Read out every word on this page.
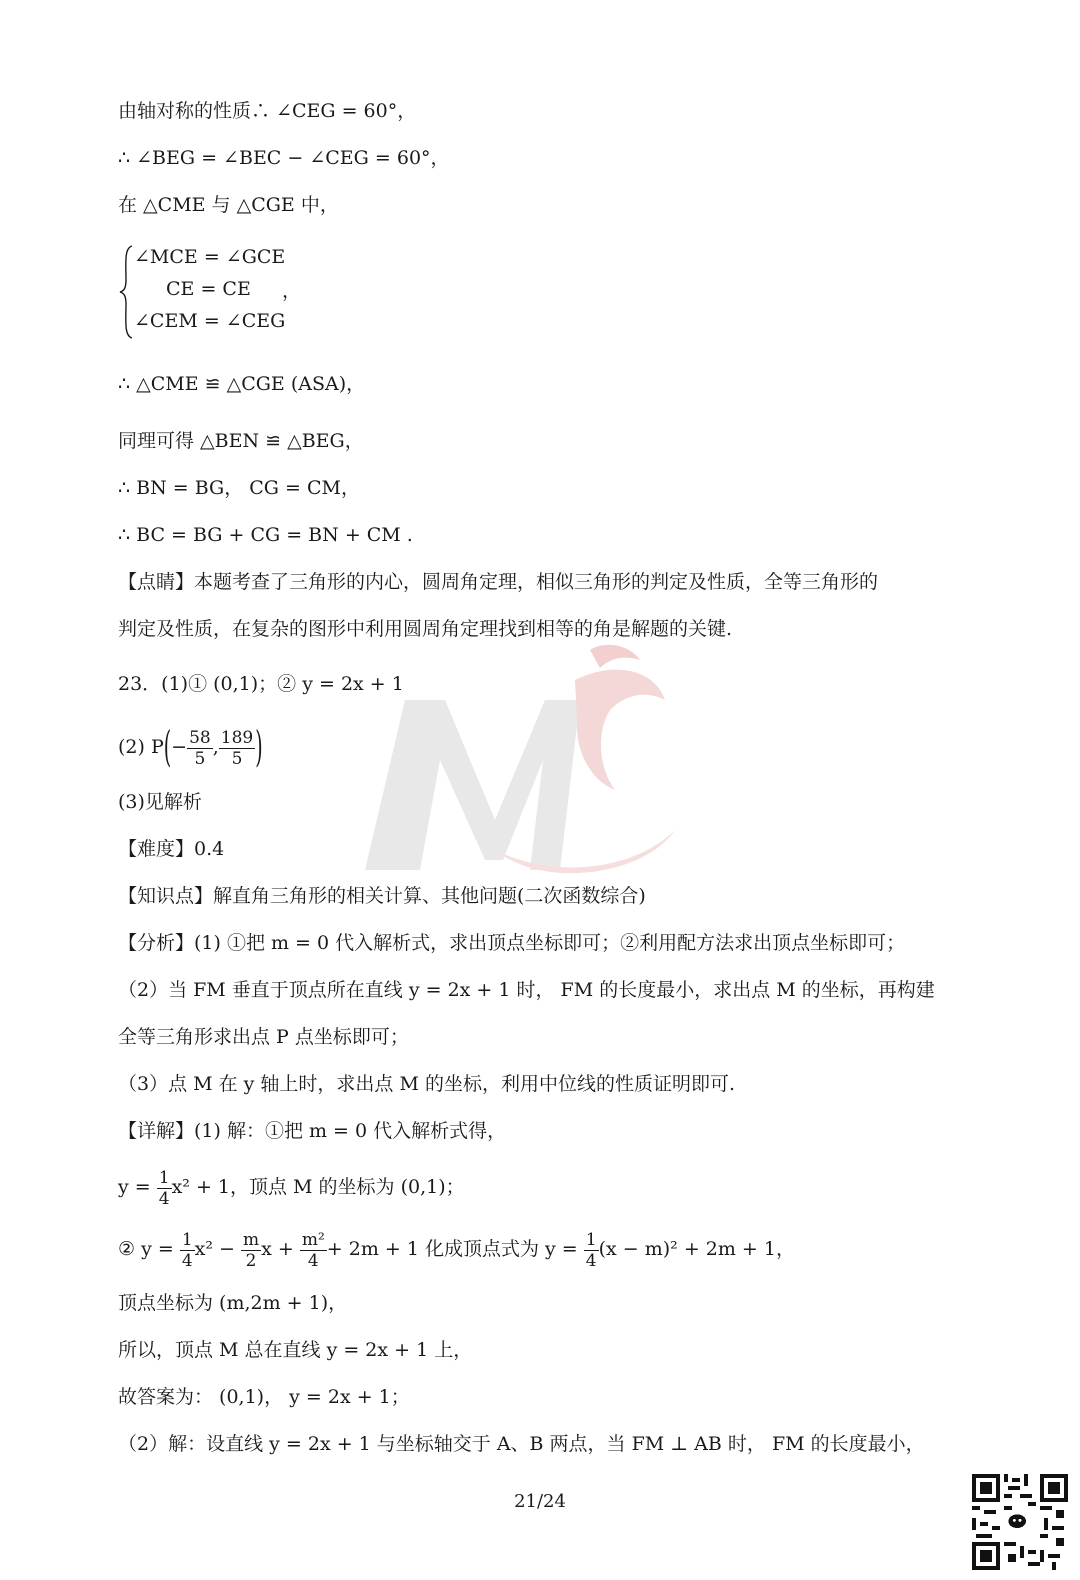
由轴对称的性质∴ ∠CEG = 60°，
∴ ∠BEG = ∠BEC − ∠CEG = 60°，
在 △CME 与 △CGE 中，
∠MCE = ∠GCE
CE = CE ，
∠CEM = ∠CEG
∴ △CME ≌ △CGE (ASA)，
同理可得 △BEN ≌ △BEG，
∴ BN = BG， CG = CM，
∴ BC = BG + CG = BN + CM .
【点睛】本题考查了三角形的内心，圆周角定理，相似三角形的判定及性质，全等三角形的
判定及性质，在复杂的图形中利用圆周角定理找到相等的角是解题的关键.
23．(1)① (0,1)；② y = 2x + 1
(2) $P(- \frac{58}{5}$ , $\frac{189}{5}$ )
(3)见解析
【难度】0.4
【知识点】解直角三角形的相关计算、其他问题(二次函数综合)
【分析】(1) ①把 m = 0 代入解析式，求出顶点坐标即可；②利用配方法求出顶点坐标即可；
（2）当 FM 垂直于顶点所在直线 y = 2x + 1 时， FM 的长度最小，求出点 M 的坐标，再构建
全等三角形求出点 P 点坐标即可；
（3）点 M 在 y 轴上时，求出点 M 的坐标，利用中位线的性质证明即可.
【详解】(1) 解：①把 m = 0 代入解析式得，
$y = \frac{1}{4} x^2 + 1$，顶点 M 的坐标为 (0,1)；
② $y = \frac{1}{4} x^2 - \frac{m}{2}$ $x + \frac{\text{m²}}{4} + 2m + 1$ 化成顶点式为 $y = \frac{1}{4} (x - m)^2 + 2m + 1$，
顶点坐标为 (m,2m + 1)，
所以，顶点 M 总在直线 y = 2x + 1 上，
故答案为： (0,1)， y = 2x + 1；
（2）解：设直线 y = 2x + 1 与坐标轴交于 A、B 两点，当 FM ⊥ AB 时， FM 的长度最小，
21/24
